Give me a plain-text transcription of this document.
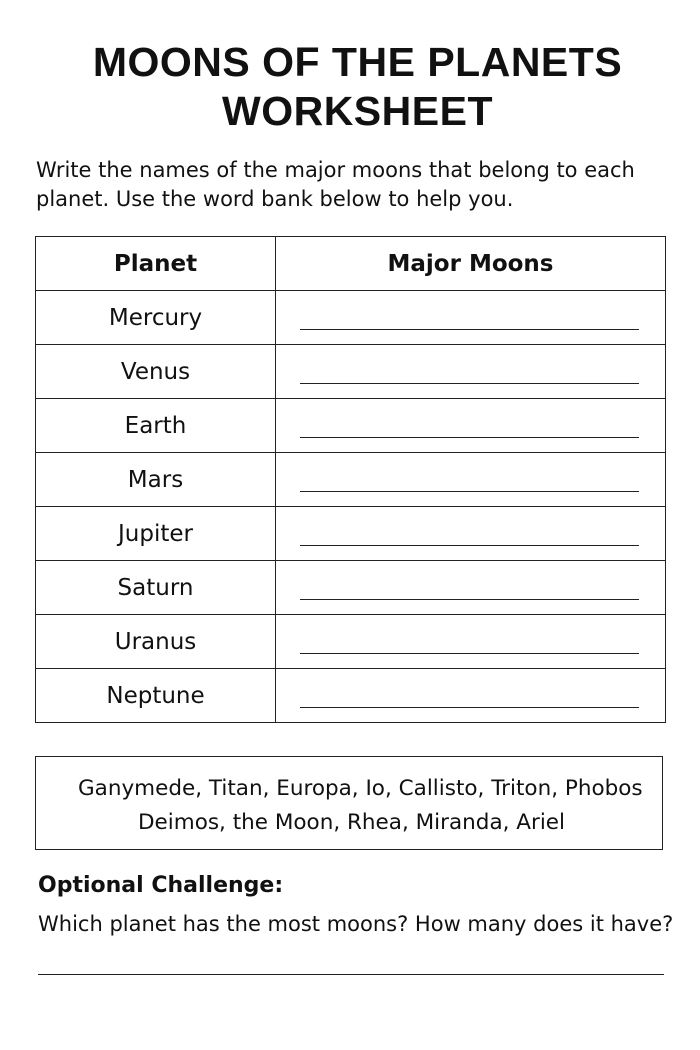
MOONS OF THE PLANETS
WORKSHEET

Write the names of the major moons that belong to each
planet. Use the word bank below to help you.

Planet	Major Moons
Mercury	

Venus	

Earth	

Mars	

Jupiter	

Saturn	

Uranus	

Neptune	
Ganymede, Titan, Europa, Io, Callisto, Triton, Phobos
Deimos, the Moon, Rhea, Miranda, Ariel

Optional Challenge:

Which planet has the most moons? How many does it have?
